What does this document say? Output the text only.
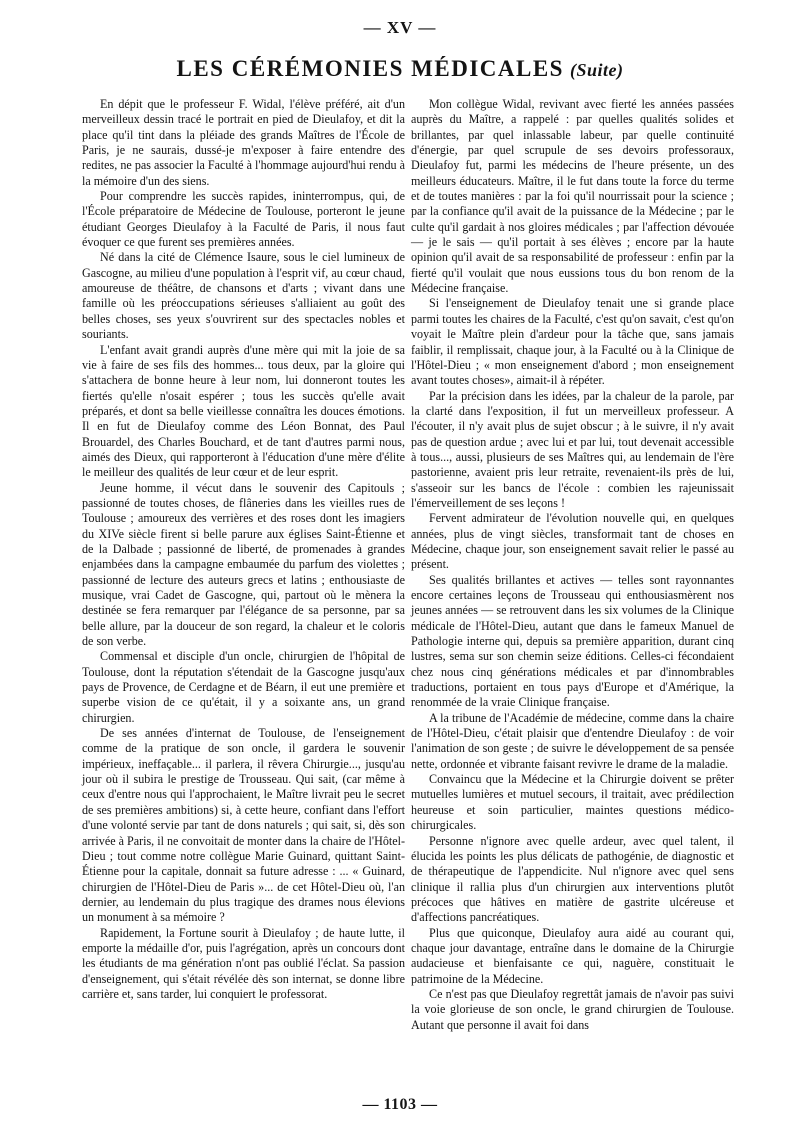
— XV —
LES CÉRÉMONIES MÉDICALES (Suite)

En dépit que le professeur F. Widal, l'élève préféré, ait d'un merveilleux dessin tracé le portrait en pied de Dieulafoy, et dit la place qu'il tint dans la pléiade des grands Maîtres de l'École de Paris, je ne saurais, dussé-je m'exposer à faire entendre des redites, ne pas associer la Faculté à l'hommage aujourd'hui rendu à la mémoire d'un des siens.

Pour comprendre les succès rapides, ininterrompus, qui, de l'École préparatoire de Médecine de Toulouse, porteront le jeune étudiant Georges Dieulafoy à la Faculté de Paris, il nous faut évoquer ce que furent ses premières années.

Né dans la cité de Clémence Isaure, sous le ciel lumineux de Gascogne, au milieu d'une population à l'esprit vif, au cœur chaud, amoureuse de théâtre, de chansons et d'arts ; vivant dans une famille où les préoccupations sérieuses s'alliaient au goût des belles choses, ses yeux s'ouvrirent sur des spectacles nobles et souriants.

L'enfant avait grandi auprès d'une mère qui mit la joie de sa vie à faire de ses fils des hommes... tous deux, par la gloire qui s'attachera de bonne heure à leur nom, lui donneront toutes les fiertés qu'elle n'osait espérer ; tous les succès qu'elle avait préparés, et dont sa belle vieillesse connaîtra les douces émotions. Il en fut de Dieulafoy comme des Léon Bonnat, des Paul Brouardel, des Charles Bouchard, et de tant d'autres parmi nous, aimés des Dieux, qui rapporteront à l'éducation d'une mère d'élite le meilleur des qualités de leur cœur et de leur esprit.

Jeune homme, il vécut dans le souvenir des Capitouls ; passionné de toutes choses, de flâneries dans les vieilles rues de Toulouse ; amoureux des verrières et des roses dont les imagiers du XIVe siècle firent si belle parure aux églises Saint-Étienne et de la Dalbade ; passionné de liberté, de promenades à grandes enjambées dans la campagne embaumée du parfum des violettes ; passionné de lecture des auteurs grecs et latins ; enthousiaste de musique, vrai Cadet de Gascogne, qui, partout où le mènera la destinée se fera remarquer par l'élégance de sa personne, par sa belle allure, par la douceur de son regard, la chaleur et le coloris de son verbe.

Commensal et disciple d'un oncle, chirurgien de l'hôpital de Toulouse, dont la réputation s'étendait de la Gascogne jusqu'aux pays de Provence, de Cerdagne et de Béarn, il eut une première et superbe vision de ce qu'était, il y a soixante ans, un grand chirurgien.

De ses années d'internat de Toulouse, de l'enseignement comme de la pratique de son oncle, il gardera le souvenir impérieux, ineffaçable... il parlera, il rêvera Chirurgie..., jusqu'au jour où il subira le prestige de Trousseau. Qui sait, (car même à ceux d'entre nous qui l'approchaient, le Maître livrait peu le secret de ses premières ambitions) si, à cette heure, confiant dans l'effort d'une volonté servie par tant de dons naturels ; qui sait, si, dès son arrivée à Paris, il ne convoitait de monter dans la chaire de l'Hôtel-Dieu ; tout comme notre collègue Marie Guinard, quittant Saint-Étienne pour la capitale, donnait sa future adresse : ... « Guinard, chirurgien de l'Hôtel-Dieu de Paris »... de cet Hôtel-Dieu où, l'an dernier, au lendemain du plus tragique des drames nous élevions un monument à sa mémoire ?

Rapidement, la Fortune sourit à Dieulafoy ; de haute lutte, il emporte la médaille d'or, puis l'agrégation, après un concours dont les étudiants de ma génération n'ont pas oublié l'éclat. Sa passion d'enseignement, qui s'était révélée dès son internat, se donne libre carrière et, sans tarder, lui conquiert le professorat.

Mon collègue Widal, revivant avec fierté les années passées auprès du Maître, a rappelé : par quelles qualités solides et brillantes, par quel inlassable labeur, par quelle continuité d'énergie, par quel scrupule de ses devoirs professoraux, Dieulafoy fut, parmi les médecins de l'heure présente, un des meilleurs éducateurs. Maître, il le fut dans toute la force du terme et de toutes manières : par la foi qu'il nourrissait pour la science ; par la confiance qu'il avait de la puissance de la Médecine ; par le culte qu'il gardait à nos gloires médicales ; par l'affection dévouée — je le sais — qu'il portait à ses élèves ; encore par la haute opinion qu'il avait de sa responsabilité de professeur : enfin par la fierté qu'il voulait que nous eussions tous du bon renom de la Médecine française.

Si l'enseignement de Dieulafoy tenait une si grande place parmi toutes les chaires de la Faculté, c'est qu'on savait, c'est qu'on voyait le Maître plein d'ardeur pour la tâche que, sans jamais faiblir, il remplissait, chaque jour, à la Faculté ou à la Clinique de l'Hôtel-Dieu ; « mon enseignement d'abord ; mon enseignement avant toutes choses», aimait-il à répéter.

Par la précision dans les idées, par la chaleur de la parole, par la clarté dans l'exposition, il fut un merveilleux professeur. A l'écouter, il n'y avait plus de sujet obscur ; à le suivre, il n'y avait pas de question ardue ; avec lui et par lui, tout devenait accessible à tous..., aussi, plusieurs de ses Maîtres qui, au lendemain de l'ère pastorienne, avaient pris leur retraite, revenaient-ils près de lui, s'asseoir sur les bancs de l'école : combien les rajeunissait l'émerveillement de ses leçons !

Fervent admirateur de l'évolution nouvelle qui, en quelques années, plus de vingt siècles, transformait tant de choses en Médecine, chaque jour, son enseignement savait relier le passé au présent.

Ses qualités brillantes et actives — telles sont rayonnantes encore certaines leçons de Trousseau qui enthousiasmèrent nos jeunes années — se retrouvent dans les six volumes de la Clinique médicale de l'Hôtel-Dieu, autant que dans le fameux Manuel de Pathologie interne qui, depuis sa première apparition, durant cinq lustres, sema sur son chemin seize éditions. Celles-ci fécondaient chez nous cinq générations médicales et par d'innombrables traductions, portaient en tous pays d'Europe et d'Amérique, la renommée de la vraie Clinique française.

A la tribune de l'Académie de médecine, comme dans la chaire de l'Hôtel-Dieu, c'était plaisir que d'entendre Dieulafoy : de voir l'animation de son geste ; de suivre le développement de sa pensée nette, ordonnée et vibrante faisant revivre le drame de la maladie.

Convaincu que la Médecine et la Chirurgie doivent se prêter mutuelles lumières et mutuel secours, il traitait, avec prédilection heureuse et soin particulier, maintes questions médico-chirurgicales.

Personne n'ignore avec quelle ardeur, avec quel talent, il élucida les points les plus délicats de pathogénie, de diagnostic et de thérapeutique de l'appendicite. Nul n'ignore avec quel sens clinique il rallia plus d'un chirurgien aux interventions plutôt précoces que hâtives en matière de gastrite ulcéreuse et d'affections pancréatiques.

Plus que quiconque, Dieulafoy aura aidé au courant qui, chaque jour davantage, entraîne dans le domaine de la Chirurgie audacieuse et bienfaisante ce qui, naguère, constituait le patrimoine de la Médecine.

Ce n'est pas que Dieulafoy regrettât jamais de n'avoir pas suivi la voie glorieuse de son oncle, le grand chirurgien de Toulouse. Autant que personne il avait foi dans

— 1103 —
